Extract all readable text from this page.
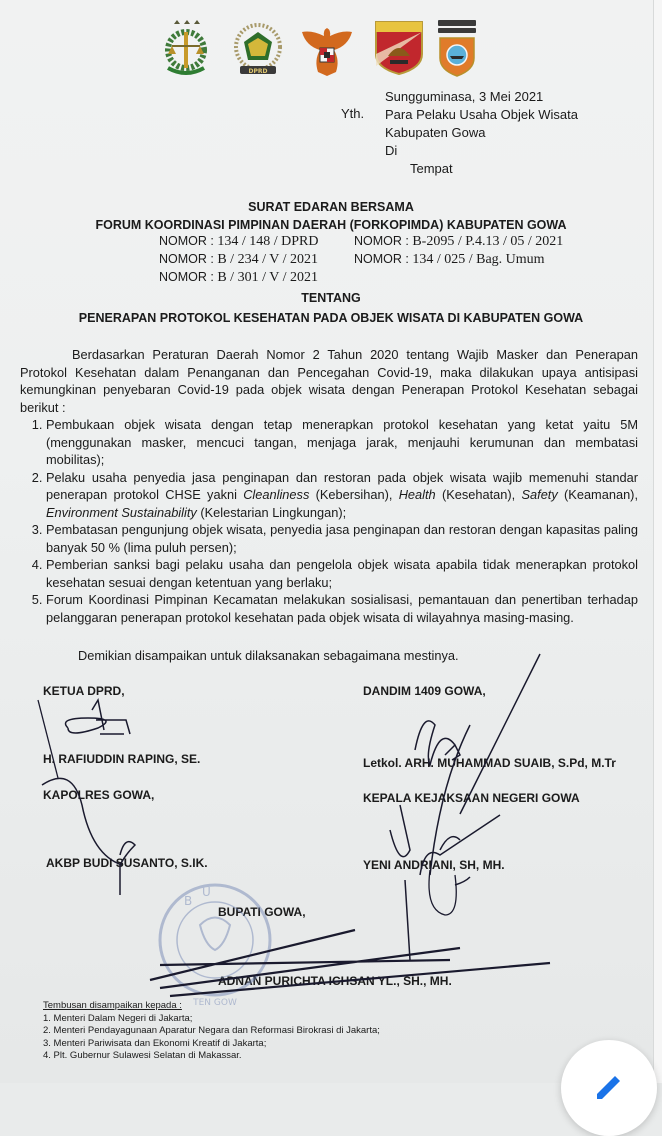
DPRD
Yth.
Sungguminasa, 3 Mei 2021
Para Pelaku Usaha Objek Wisata
Kabupaten Gowa
Di
Tempat
SURAT EDARAN BERSAMA
FORUM KOORDINASI PIMPINAN DAERAH (FORKOPIMDA) KABUPATEN GOWA
NOMOR : 134 / 148 / DPRD
NOMOR : B / 234 / V / 2021
NOMOR : B / 301 / V / 2021
NOMOR : B-2095 / P.4.13 / 05 / 2021
NOMOR : 134 / 025 / Bag. Umum
TENTANG
PENERAPAN PROTOKOL KESEHATAN PADA OBJEK WISATA DI KABUPATEN GOWA

Berdasarkan Peraturan Daerah Nomor 2 Tahun 2020 tentang Wajib Masker dan Penerapan Protokol Kesehatan dalam Penanganan dan Pencegahan Covid-19, maka dilakukan upaya antisipasi kemungkinan penyebaran Covid-19 pada objek wisata dengan Penerapan Protokol Kesehatan sebagai berikut :

1. Pembukaan objek wisata dengan tetap menerapkan protokol kesehatan yang ketat yaitu 5M (menggunakan masker, mencuci tangan, menjaga jarak, menjauhi kerumunan dan membatasi mobilitas);
2. Pelaku usaha penyedia jasa penginapan dan restoran pada objek wisata wajib memenuhi standar penerapan protokol CHSE yakni Cleanliness (Kebersihan), Health (Kesehatan), Safety (Keamanan), Environment Sustainability (Kelestarian Lingkungan);
3. Pembatasan pengunjung objek wisata, penyedia jasa penginapan dan restoran dengan kapasitas paling banyak 50 % (lima puluh persen);
4. Pemberian sanksi bagi pelaku usaha dan pengelola objek wisata apabila tidak menerapkan protokol kesehatan sesuai dengan ketentuan yang berlaku;
5. Forum Koordinasi Pimpinan Kecamatan melakukan sosialisasi, pemantauan dan penertiban terhadap pelanggaran penerapan protokol kesehatan pada objek wisata di wilayahnya masing-masing.
Demikian disampaikan untuk dilaksanakan sebagaimana mestinya.
KETUA DPRD,
H. RAFIUDDIN RAPING, SE.
KAPOLRES GOWA,
AKBP BUDI SUSANTO, S.IK.
DANDIM 1409 GOWA,
Letkol. ARH. MUHAMMAD SUAIB, S.Pd, M.Tr
KEPALA KEJAKSAAN NEGERI GOWA
YENI ANDRIANI, SH, MH.
BUPATI GOWA,
ADNAN PURICHTA ICHSAN YL., SH., MH.
B
U
TEN GOW
Tembusan disampaikan kepada :
1. Menteri Dalam Negeri di Jakarta;
2. Menteri Pendayagunaan Aparatur Negara dan Reformasi Birokrasi di Jakarta;
3. Menteri Pariwisata dan Ekonomi Kreatif di Jakarta;
4. Plt. Gubernur Sulawesi Selatan di Makassar.
